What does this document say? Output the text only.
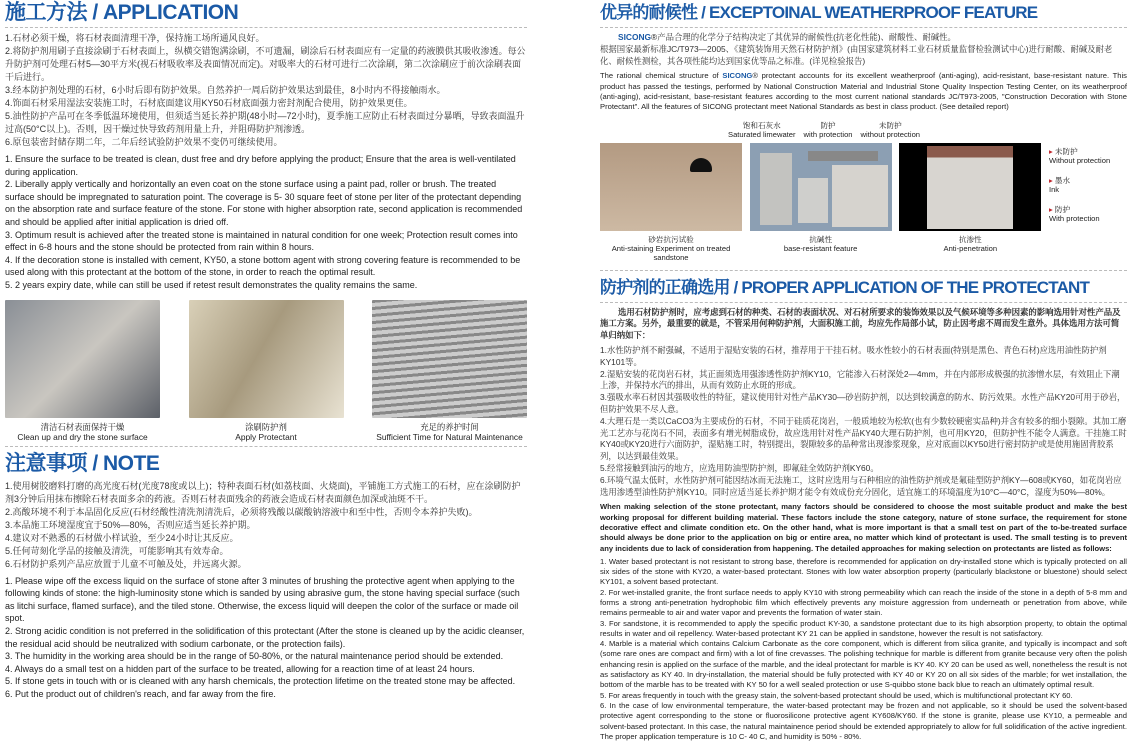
施工方法 / APPLICATION
1.石材必须干燥，将石材表面清理干净，保持施工场所通风良好。
2.将防护剂用刷子直接涂刷于石材表面上，纵横交错饱满涂刷，不可遗漏，刷涂后石材表面应有一定量的药液膜供其吸收渗透。每公升防护剂可处理石材5—30平方米(视石材吸收率及表面情况而定)。对吸率大的石材可进行二次涂刷，第二次涂刷应于前次涂刷表面干后进行。
3.经本防护剂处理的石材，6小时后即有防护效果。自然养护一周后防护效果达到最佳，8小时内不得接触雨水。
4.饰面石材采用湿法安装施工时，石材底面建议用KY50石材底面强力密封剂配合使用，防护效果更佳。
5.油性防护产品可在冬季低温环境使用，但须适当延长养护期(48小时—72小时)，夏季施工应防止石材表面过分暴晒，导致表面温升过高(50°C以上)。否则，因干燥过快导致药剂用量上升，并阻碍防护剂渗透。
6.原包装密封储存期二年，二年后经试验防护效果不变仍可继续使用。
1. Ensure the surface to be treated is clean, dust free and dry before applying the product; Ensure that the area is well-ventilated during application.
2. Liberally apply vertically and horizontally an even coat on the stone surface using a paint pad, roller or brush. The treated surface should be impregnated to saturation point. The coverage is 5- 30 square feet of stone per liter of the protectant depending on the absorption rate and surface feature of the stone. For stone with higher absorption rate, second application is recommended and should be applied after initial application is dried off.
3. Optimum result is achieved after the treated stone is maintained in natural condition for one week; Protection result comes into effect in 6-8 hours and the stone should be protected from rain within 8 hours.
4. If the decoration stone is installed with cement, KY50, a stone bottom agent with strong covering feature is recommended to be used along with this protectant at the bottom of the stone, in order to reach the optimal result.
5. 2 years expiry date, while can still be used if retest result demonstrates the quality remains the same.
清洁石材表面保持干燥
Clean up and dry the stone surface
涂刷防护剂
Apply Protectant
充足的养护时间
Sufficient Time for Natural Maintenance
注意事项 / NOTE
1.使用树胶磨料打磨的高光度石材(光度78度或以上)；特种表面石材(如荔枝面、火烧面)，平铺施工方式施工的石材，应在涂刷防护剂3分钟后用抹布擦除石材表面多余的药液。否则石材表面残余的药液会造成石材表面颜色加深或油斑不干。
2.高酸环境不利于本品固化反应(石材经酸性清洗剂清洗后，必须将残酸以碳酸钠溶液中和至中性，否则令本养护失败)。
3.本品施工环境湿度宜于50%—80%，否则应适当延长养护期。
4.建议对不熟悉的石材做小样试验，至少24小时让其反应。
5.任何苛刻化学品的接触及清洗，可能影响其有效寿命。
6.石材防护系列产品应放置于儿童不可触及处，并远离火源。
1. Please wipe off the excess liquid on the surface of stone after 3 minutes of brushing the protective agent when applying to the following kinds of stone: the high-luminosity stone which is sanded by using abrasive gum, the stone having special surface (such as litchi surface, flamed surface), and the tiled stone. Otherwise, the excess liquid will deepen the color of the surface or made oil spot.
2. Strong acidic condition is not preferred in the solidification of this protectant (After the stone is cleaned up by the acidic cleanser, the residual acid should be neutralized with sodium carbonate, or the protection fails).
3. The humidity in the working area should be in the range of 50-80%, or the natural maintenance period should be extended.
4. Always do a small test on a hidden part of the surface to be treated, allowing for a reaction time of at least 24 hours.
5. If stone gets in touch with or is cleaned with any harsh chemicals, the protection lifetime on the treated stone may be affected.
6. Put the product out of children's reach, and far away from the fire.
优异的耐候性 / EXCEPTOINAL WEATHERPROOF FEATURE
SICONG®产品合理的化学分子结构决定了其优异的耐候性(抗老化性能)、耐酸性、耐碱性。
根据国家最新标准JC/T973—2005、《建筑装饰用天然石材防护剂》(由国家建筑材料工业石材质量监督检验测试中心)进行耐酸、耐碱及耐老化、耐候性测检，其各项性能均达到国家优等品之标准。(详见检验报告)
The rational chemical structure of SICONG® protectant accounts for its excellent weatherproof (anti-aging), acid-resistant, base-resistant nature. This product has passed the testings, performed by National Construction Material and Industrial Stone Quality Inspection Testing Center, on its weatherproof (anti-aging), acid-resistant, base-resistant features according to the most current national standards JC/T973-2005, "Construction Decoration with Stone Protectant". All the features of SICONG protectant meet National Standards as best in class product. (See detailed report)
饱和石灰水
Saturated limewater
防护
with protection
未防护
without protection
砂岩抗污试验
Anti-staining Experiment on treated sandstone
抗碱性
base-resistant feature
抗渗性
Anti-penetration
▸ 未防护
Without protection
▸ 墨水
Ink
▸ 防护
With protection
防护剂的正确选用 / PROPER APPLICATION OF THE PROTECTANT
选用石材防护剂时，应考虑到石材的种类、石材的表面状况、对石材所要求的装饰效果以及气候环境等多种因素的影响选用针对性产品及施工方案。另外，最重要的就是，不管采用何种防护剂，大面积施工前，均应先作局部小试，防止因考虑不周而发生意外。具体选用方法可简单归纳如下：
1.水性防护剂不耐强碱，不适用于湿贴安装的石材，推荐用于干挂石材。吸水性较小的石材表面(特别是黑色、青色石材)应选用油性防护剂KY101等。
2.湿贴安装的花岗岩石材，其正面须选用强渗透性防护剂KY10，它能渗入石材深处2—4mm，并在内部形成极强的抗渗憎水层，有效阻止下潮上渗，并保持水汽的排出，从而有效防止水斑的形成。
3.强吸水率石材因其强吸收性的特征，建议使用针对性产品KY30—砂岩防护剂，以达到较满意的防水、防污效果。水性产品KY20可用于砂岩，但防护效果不尽人意。
4.大理石是一类以CaCO3为主要成份的石材，不同于硅质花岗岩，一般质地较为松软(也有少数较硬密实品种)并含有较多的细小裂隙。其加工磨光工艺亦与花岗石不同，表面多有增光树脂成份，故应选用针对性产品KY40大理石防护剂，也可用KY20，但防护性不能令人满意。干挂施工时KY40或KY20进行六面防护，湿贴施工时，特别提出，裂隙较多的品种常出现渗浆现象，应对底面以KY50进行密封防护或是使用施固背胶系列，以达到最佳效果。
5.经常接触到油污的地方，应选用防油型防护剂，即氟硅全效防护剂KY60。
6.环境气温太低时，水性防护剂可能因结冰而无法施工，这时应选用与石种相应的油性防护剂或是氟硅型防护剂KY—608或KY60，如花岗岩应选用渗透型油性防护剂KY10。同时应适当延长养护期才能令有效成份充分固化，适宜施工的环境温度为10°C—40°C，湿度为50%—80%。
When making selection of the stone protectant, many factors should be considered to choose the most suitable product and make the best working proposal for different building material. These factors include the stone category, nature of stone surface, the requirement for stone decorative effect and climate condition etc. On the other hand, what is more important is that a small test on part of the to-be-treated surface should always be done prior to the application on big or entire area, no matter which kind of protectant is used. The small testing is to prevent any incidents due to lack of consideration from happening. The detailed approaches for making selection on protectants are listed as follows:
1. Water based protectant is not resistant to strong base, therefore is recommended for application on dry-installed stone which is typically protected on all six sides of the stone with KY20, a water-based protectant. Stones with low water absorption property (particularly blackstone or bluestone) should select KY101, a solvent based protectant.
2. For wet-installed granite, the front surface needs to apply KY10 with strong permeability which can reach the inside of the stone in a depth of 5-8 mm and forms a strong anti-penetration hydrophobic film which effectively prevents any moisture aggression from underneath or penetration from above, while remains permeable to air and water vapor and prevents the formation of water stain.
3. For sandstone, it is recommended to apply the specific product KY-30, a sandstone protectant due to its high absorption property, to obtain the optimal results in water and oil repellency. Water-based protectant KY 21 can be applied in sandstone, however the result is not satisfactory.
4. Marble is a material which contains Calcium Carbonate as the core component, which is different from silica granite, and typically is incompact and soft (some rare ones are compact and firm) with a lot of fine crevasses. The polishing technique for marble is different from granite because very often the polish enhancing resin is applied on the surface of the marble, and the ideal protectant for marble is KY 40. KY 20 can be used as well, nonetheless the result is not as satisfactory as KY 40. In dry-installation, the material should be fully protected with KY 40 or KY 20 on all six sides of the marble; for wet installation, the bottom of the marble has to be treated with KY 50 for a well sealed protection or use S-quibbo stone back blue to reach an ultimately optimal result.
5. For areas frequently in touch with the greasy stain, the solvent-based protectant should be used, which is multifunctional protectant KY 60.
6. In the case of low environmental temperature, the water-based protectant may be frozen and not applicable, so it should be used the solvent-based protective agent corresponding to the stone or fluorosilicone protective agent KY608/KY60. If the stone is granite, please use KY10, a permeable and solvent-based protectant. In this case, the natural maintainence period should be extended appropriately to allow for full solidification of the active ingredient. The proper application temperature is 10 C- 40 C, and humidity is 50% - 80%.
